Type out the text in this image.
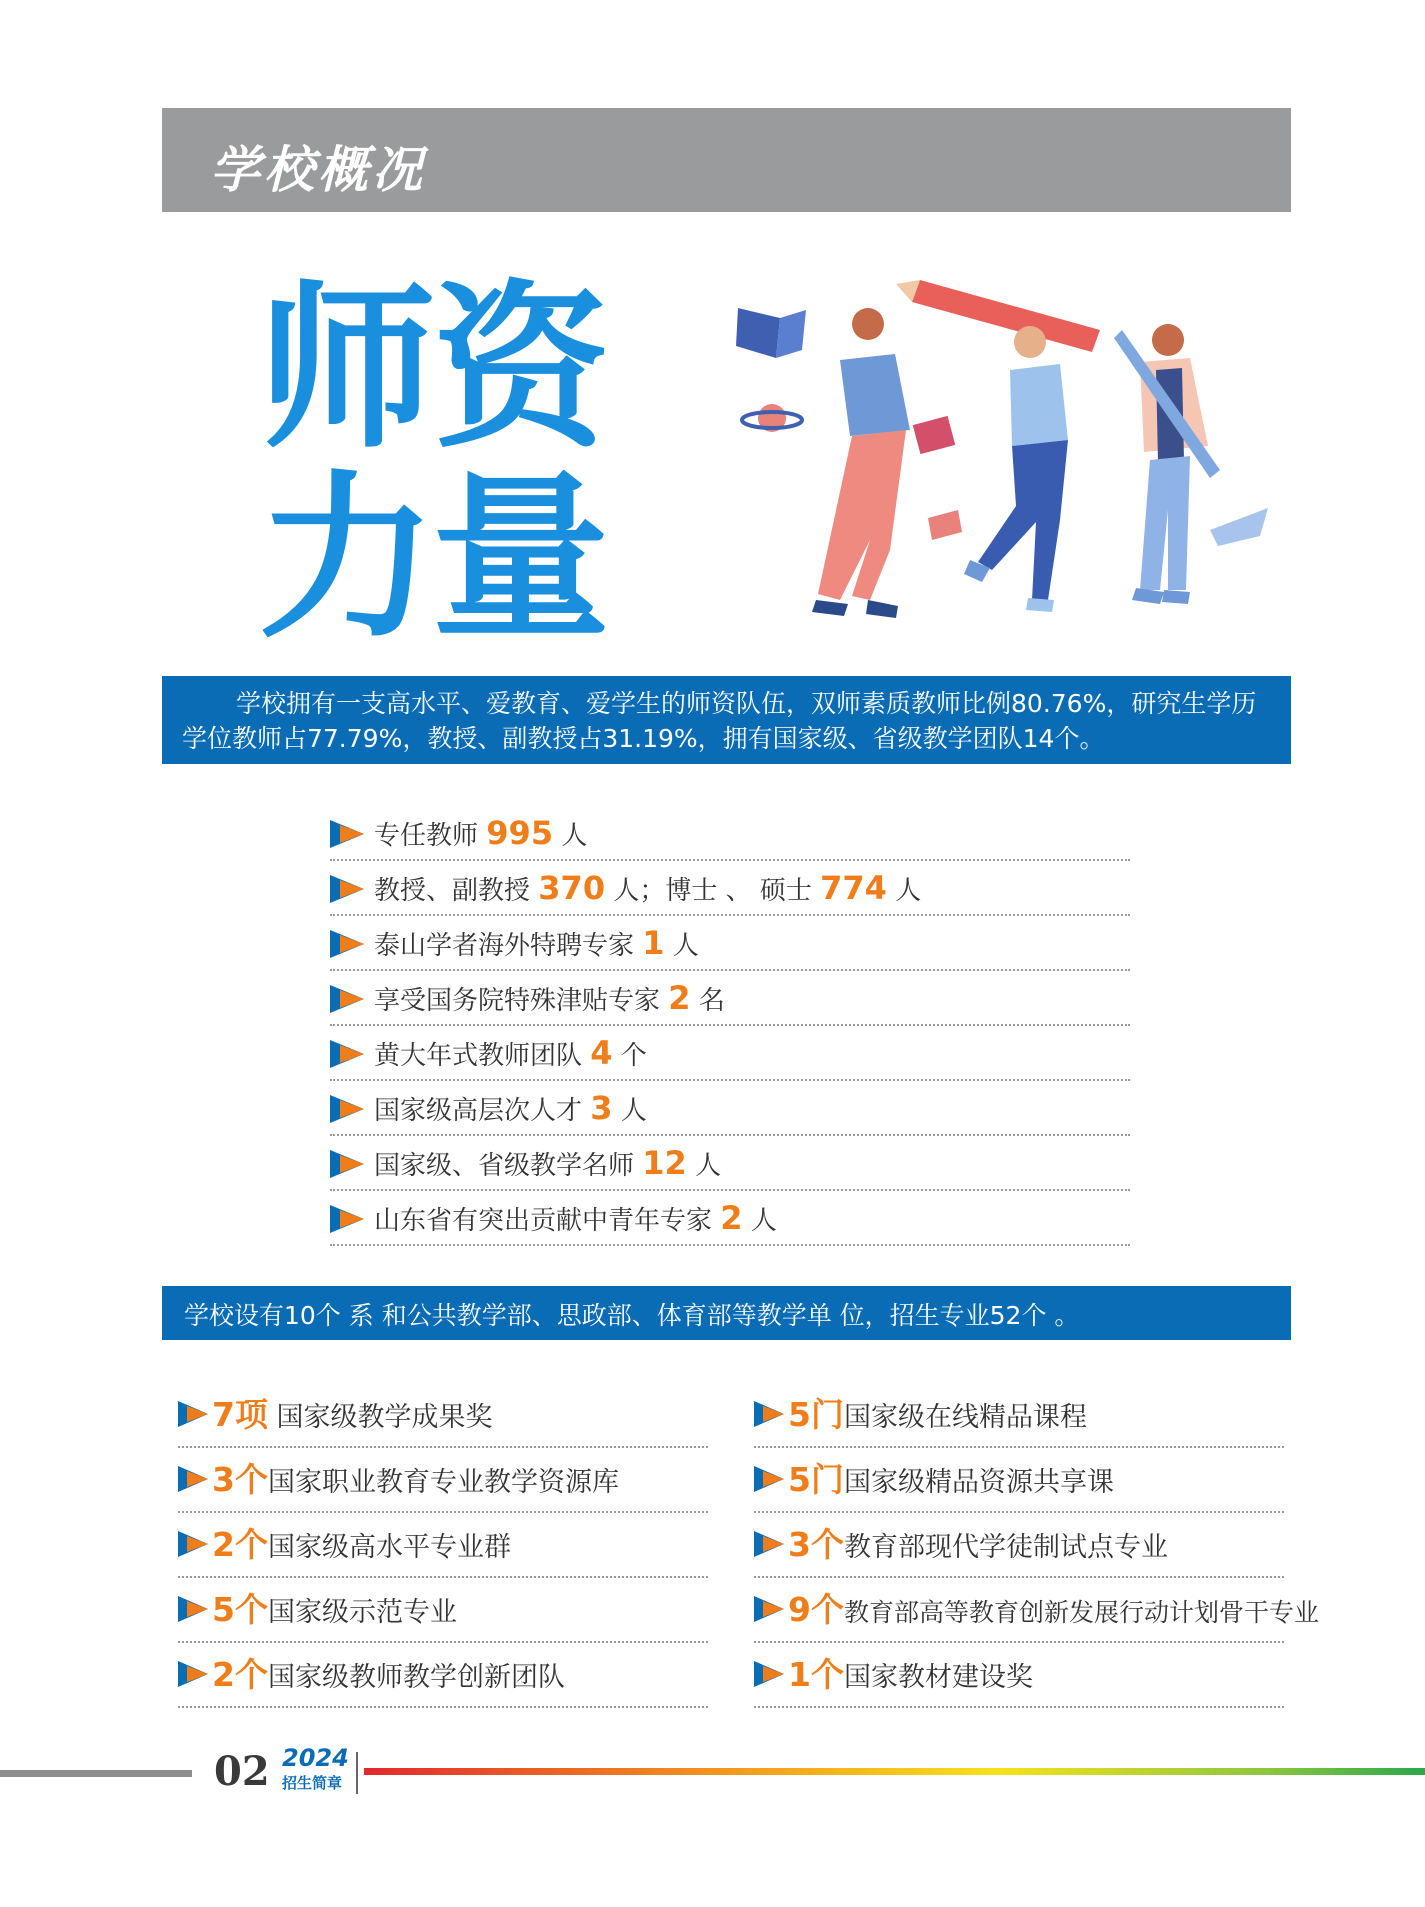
学校概况
师资
力量
学校拥有一支高水平、爱教育、爱学生的师资队伍，双师素质教师比例80.76%，研究生学历学位教师占77.79%，教授、副教授占31.19%，拥有国家级、省级教学团队14个。
专任教师 995 人
教授、副教授 370 人；博士 、 硕士 774 人
泰山学者海外特聘专家 1 人
享受国务院特殊津贴专家 2 名
黄大年式教师团队 4 个
国家级高层次人才 3 人
国家级、省级教学名师 12 人
山东省有突出贡献中青年专家 2 人
学校设有10个 系 和公共教学部、思政部、体育部等教学单 位，招生专业52个 。
7项 国家级教学成果奖
3个国家职业教育专业教学资源库
2个国家级高水平专业群
5个国家级示范专业
2个国家级教师教学创新团队
5门国家级在线精品课程
5门国家级精品资源共享课
3个教育部现代学徒制试点专业
9个教育部高等教育创新发展行动计划骨干专业
1个国家教材建设奖
02 2024
招生简章
